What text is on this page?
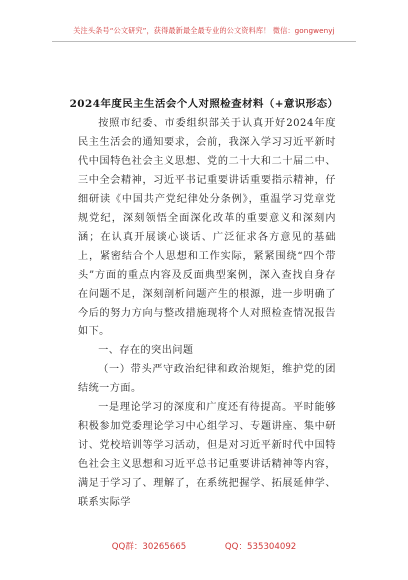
关注头条号“公文研究”，获得最新最全最专业的公文资料库！ 微信：gongwenyj
2024年度民主生活会个人对照检查材料（+意识形态）

按照市纪委、市委组织部关于认真开好2024年度民主生活会的通知要求，会前，我深入学习习近平新时代中国特色社会主义思想、党的二十大和二十届二中、三中全会精神，习近平书记重要讲话重要指示精神，仔细研读《中国共产党纪律处分条例》，重温学习党章党规党纪，深刻领悟全面深化改革的重要意义和深刻内涵；在认真开展谈心谈话、广泛征求各方意见的基础上，紧密结合个人思想和工作实际，紧紧围绕“四个带头”方面的重点内容及反面典型案例，深入查找自身存在问题不足，深刻剖析问题产生的根源，进一步明确了今后的努力方向与整改措施现将个人对照检查情况报告如下。

一、存在的突出问题

（一）带头严守政治纪律和政治规矩，维护党的团结统一方面。

一是理论学习的深度和广度还有待提高。平时能够积极参加党委理论学习中心组学习、专题讲座、集中研讨、党校培训等学习活动，但是对习近平新时代中国特色社会主义思想和习近平总书记重要讲话精神等内容，满足于学习了、理解了，在系统把握学、拓展延伸学、联系实际学

QQ群：30265665	QQ：535304092
